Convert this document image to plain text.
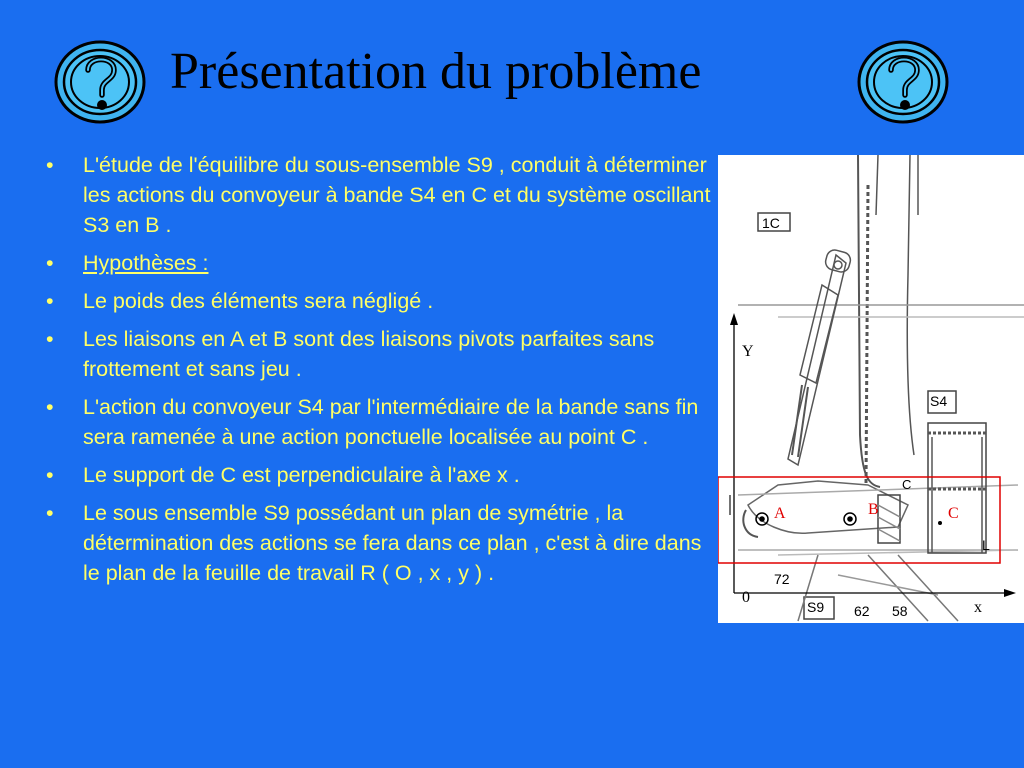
Présentation du problème
• L'étude de l'équilibre du sous-ensemble S9 , conduit à déterminer les actions du convoyeur à bande S4 en C et du système oscillant S3 en B .
• Hypothèses :
• Le poids des éléments sera négligé .
• Les liaisons en A et B sont des liaisons pivots parfaites sans frottement et sans jeu .
• L'action du convoyeur S4 par l'intermédiaire de la bande sans fin sera ramenée à une action ponctuelle localisée au point C .
• Le support de C est perpendiculaire à l'axe x .
• Le sous ensemble S9 possédant un plan de symétrie , la détermination des actions se fera dans ce plan , c'est à dire dans le plan de la feuille de travail R ( O , x , y ) .
Y
0
x
A	B	C
1C
S4
S9
72
62 58
C
L
